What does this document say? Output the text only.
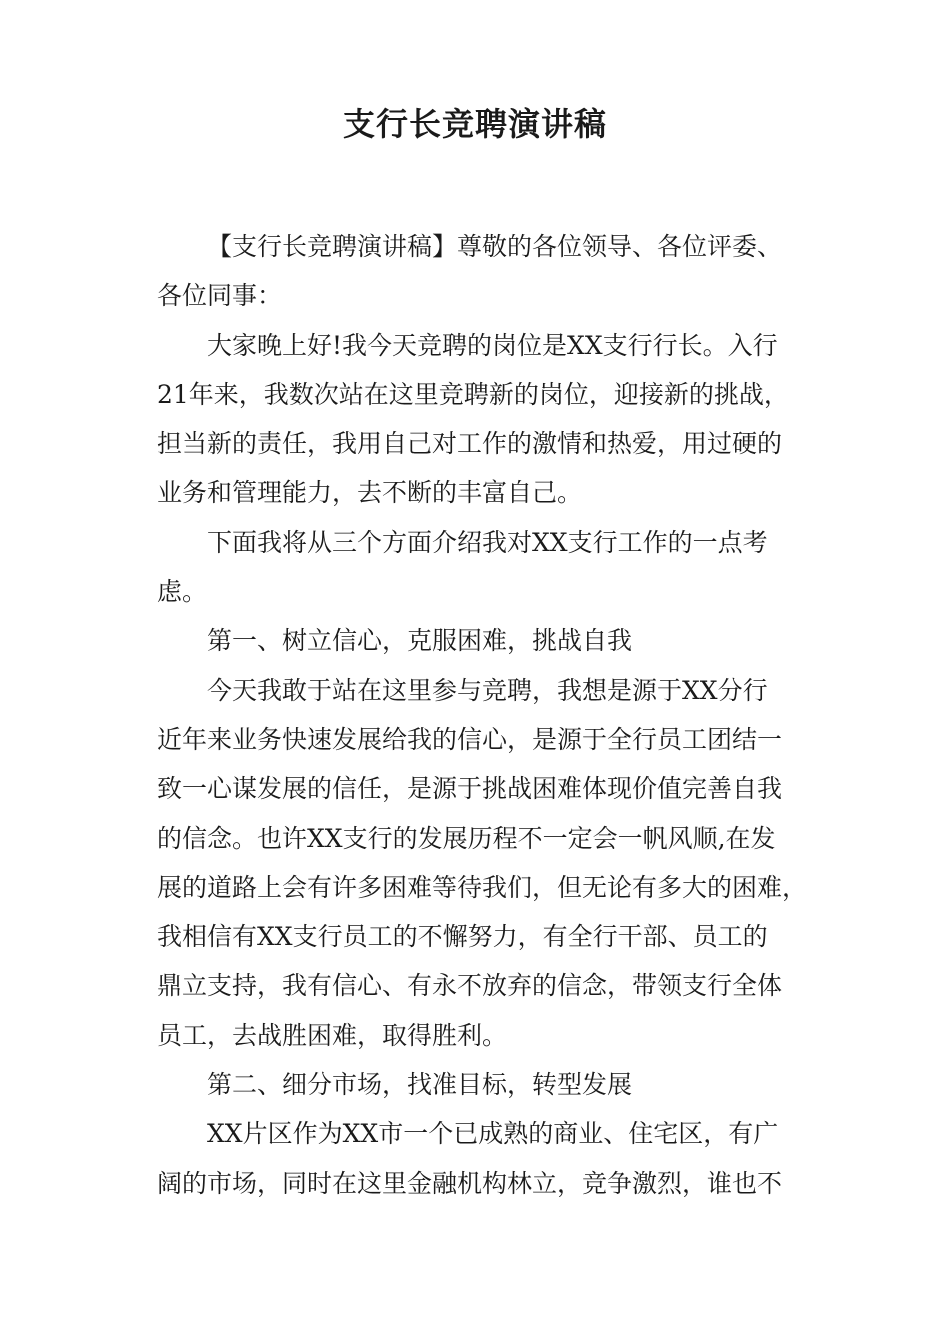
支行长竞聘演讲稿
【支行长竞聘演讲稿】尊敬的各位领导、各位评委、
各位同事：
大家晚上好!我今天竞聘的岗位是XX支行行长。入行
21年来，我数次站在这里竞聘新的岗位，迎接新的挑战，
担当新的责任，我用自己对工作的激情和热爱，用过硬的
业务和管理能力，去不断的丰富自己。
下面我将从三个方面介绍我对XX支行工作的一点考
虑。
第一、树立信心，克服困难，挑战自我
今天我敢于站在这里参与竞聘，我想是源于XX分行
近年来业务快速发展给我的信心，是源于全行员工团结一
致一心谋发展的信任，是源于挑战困难体现价值完善自我
的信念。也许XX支行的发展历程不一定会一帆风顺,在发
展的道路上会有许多困难等待我们，但无论有多大的困难，
我相信有XX支行员工的不懈努力，有全行干部、员工的
鼎立支持，我有信心、有永不放弃的信念，带领支行全体
员工，去战胜困难，取得胜利。
第二、细分市场，找准目标，转型发展
XX片区作为XX市一个已成熟的商业、住宅区，有广
阔的市场，同时在这里金融机构林立，竞争激烈，谁也不
